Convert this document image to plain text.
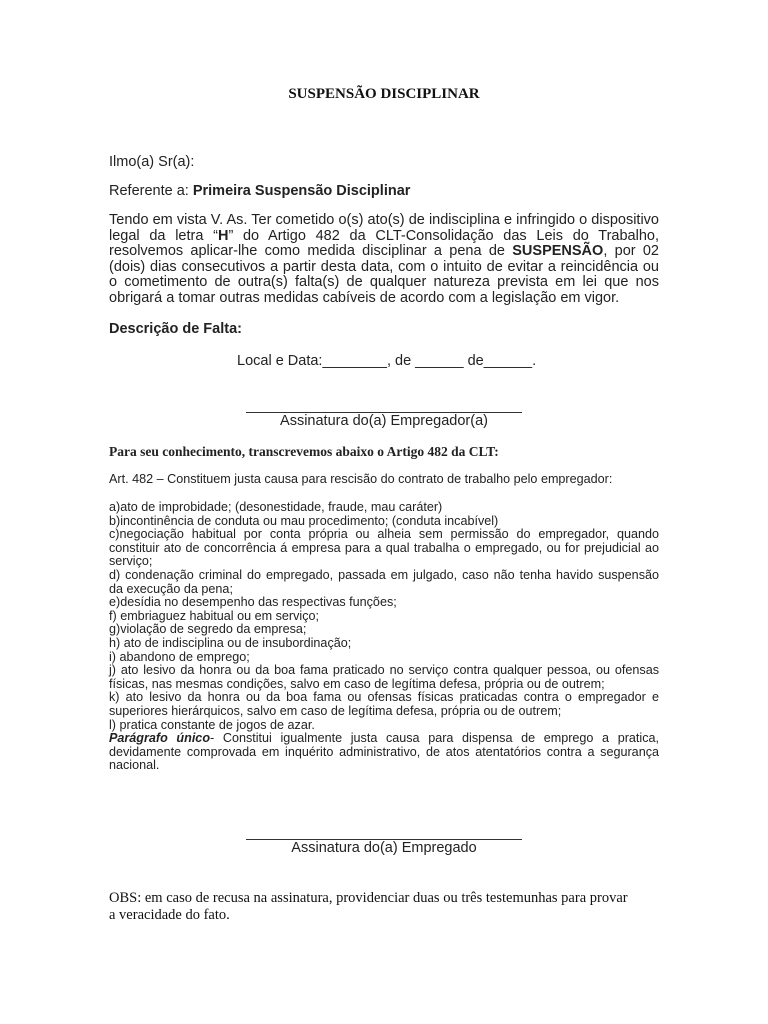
SUSPENSÃO DISCIPLINAR
Ilmo(a) Sr(a):
Referente a: Primeira Suspensão Disciplinar
Tendo em vista V. As. Ter cometido o(s) ato(s) de indisciplina e infringido o dispositivo legal da letra “H” do Artigo 482 da CLT-Consolidação das Leis do Trabalho, resolvemos aplicar-lhe como medida disciplinar a pena de SUSPENSÃO, por 02 (dois) dias consecutivos a partir desta data, com o intuito de evitar a reincidência ou o cometimento de outra(s) falta(s) de qualquer natureza prevista em lei que nos obrigará a tomar outras medidas cabíveis de acordo com a legislação em vigor.
Descrição de Falta:
Local e Data:________, de ______ de______.
Assinatura do(a) Empregador(a)
Para seu conhecimento, transcrevemos abaixo o Artigo 482 da CLT:
Art. 482 – Constituem justa causa para rescisão do contrato de trabalho pelo empregador:
a)ato de improbidade; (desonestidade, fraude, mau caráter)
b)incontinência de conduta ou mau procedimento; (conduta incabível)
c)negociação habitual por conta própria ou alheia sem permissão do empregador, quando constituir ato de concorrência á empresa para a qual trabalha o empregado, ou for prejudicial ao serviço;
d) condenação criminal do empregado, passada em julgado, caso não tenha havido suspensão da execução da pena;
e)desídia no desempenho das respectivas funções;
f) embriaguez habitual ou em serviço;
g)violação de segredo da empresa;
h) ato de indisciplina ou de insubordinação;
i) abandono de emprego;
j) ato lesivo da honra ou da boa fama praticado no serviço contra qualquer pessoa, ou ofensas físicas, nas mesmas condições, salvo em caso de legítima defesa, própria ou de outrem;
k) ato lesivo da honra ou da boa fama ou ofensas físicas praticadas contra o empregador e superiores hierárquicos, salvo em caso de legítima defesa, própria ou de outrem;
l) pratica constante de jogos de azar.
Parágrafo único- Constitui igualmente justa causa para dispensa de emprego a pratica, devidamente comprovada em inquérito administrativo, de atos atentatórios contra a segurança nacional.
Assinatura do(a) Empregado
OBS: em caso de recusa na assinatura, providenciar duas ou três testemunhas para provar a veracidade do fato.
